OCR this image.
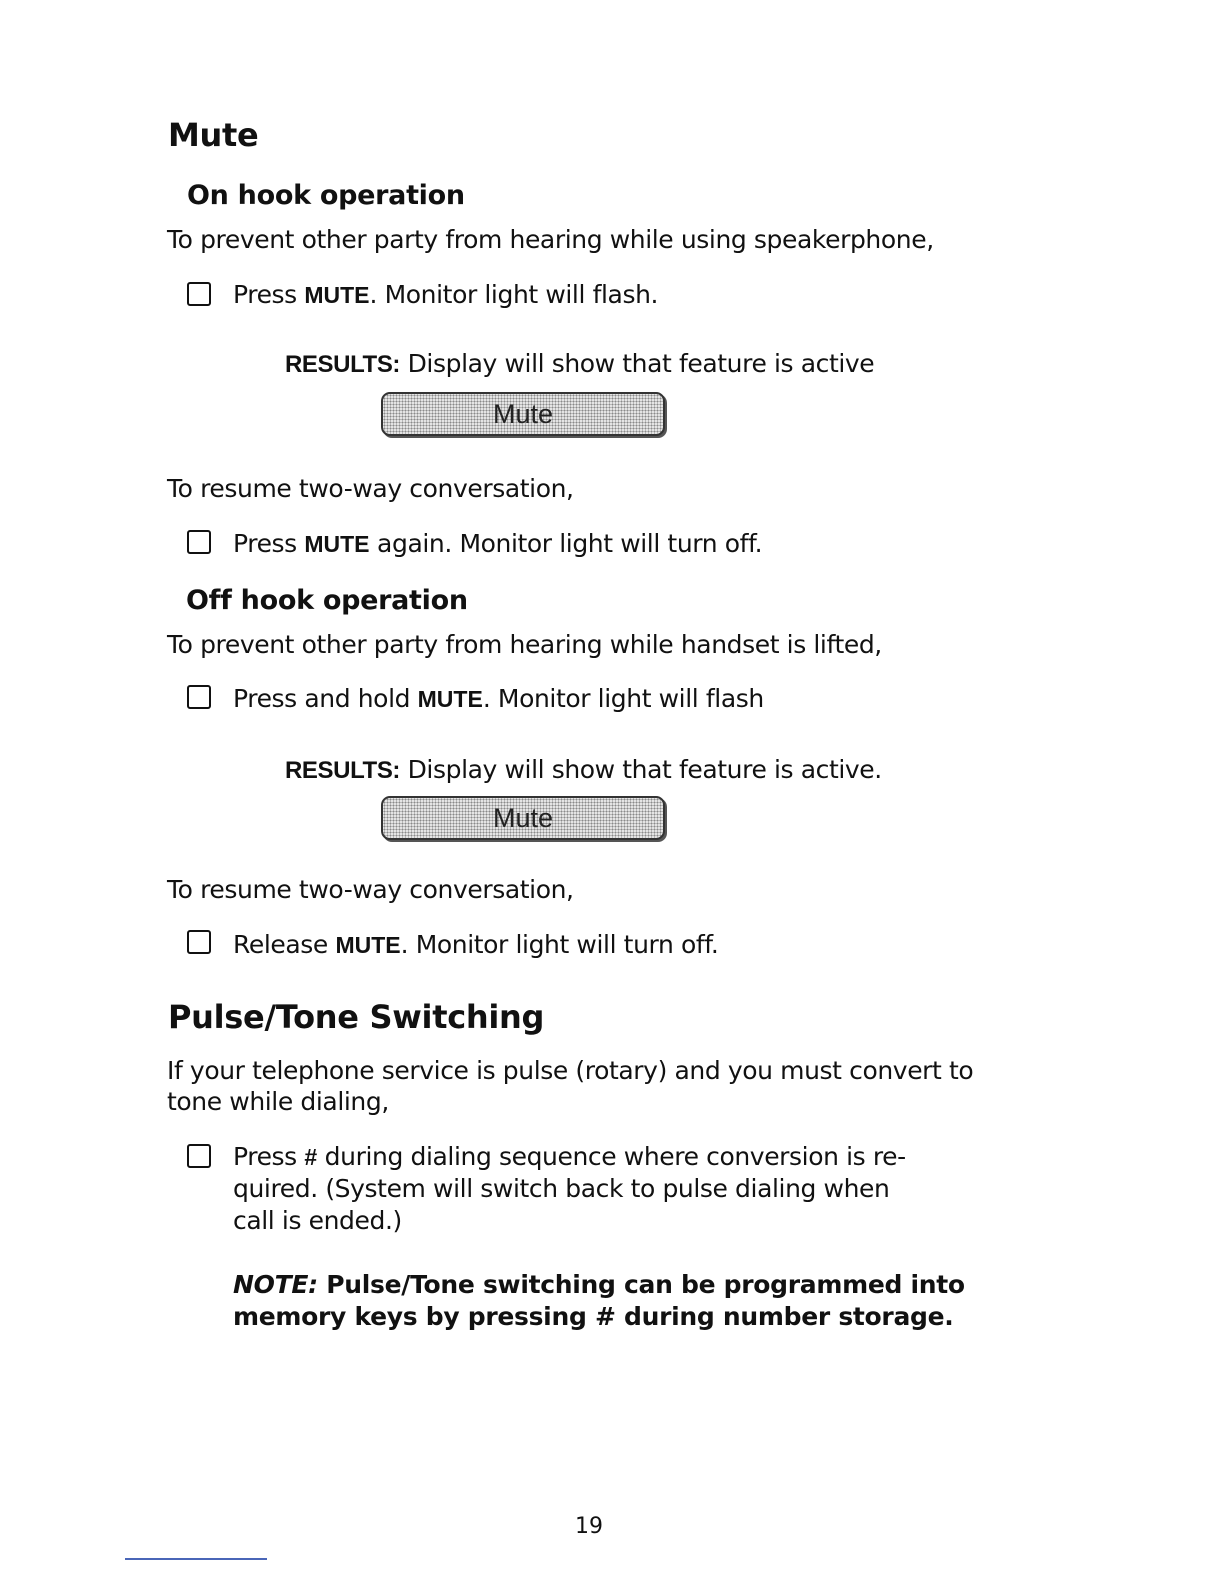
Mute
On hook operation
To prevent other party from hearing while using speakerphone,
Press MUTE. Monitor light will flash.
RESULTS: Display will show that feature is active
Mute
To resume two-way conversation,
Press MUTE again. Monitor light will turn off.
Off hook operation
To prevent other party from hearing while handset is lifted,
Press and hold MUTE. Monitor light will flash
RESULTS: Display will show that feature is active.
Mute
To resume two-way conversation,
Release MUTE. Monitor light will turn off.
Pulse/Tone Switching
If your telephone service is pulse (rotary) and you must convert to
tone while dialing,
Press # during dialing sequence where conversion is re-
quired. (System will switch back to pulse dialing when
call is ended.)
NOTE: Pulse/Tone switching can be programmed into
memory keys by pressing # during number storage.
19
